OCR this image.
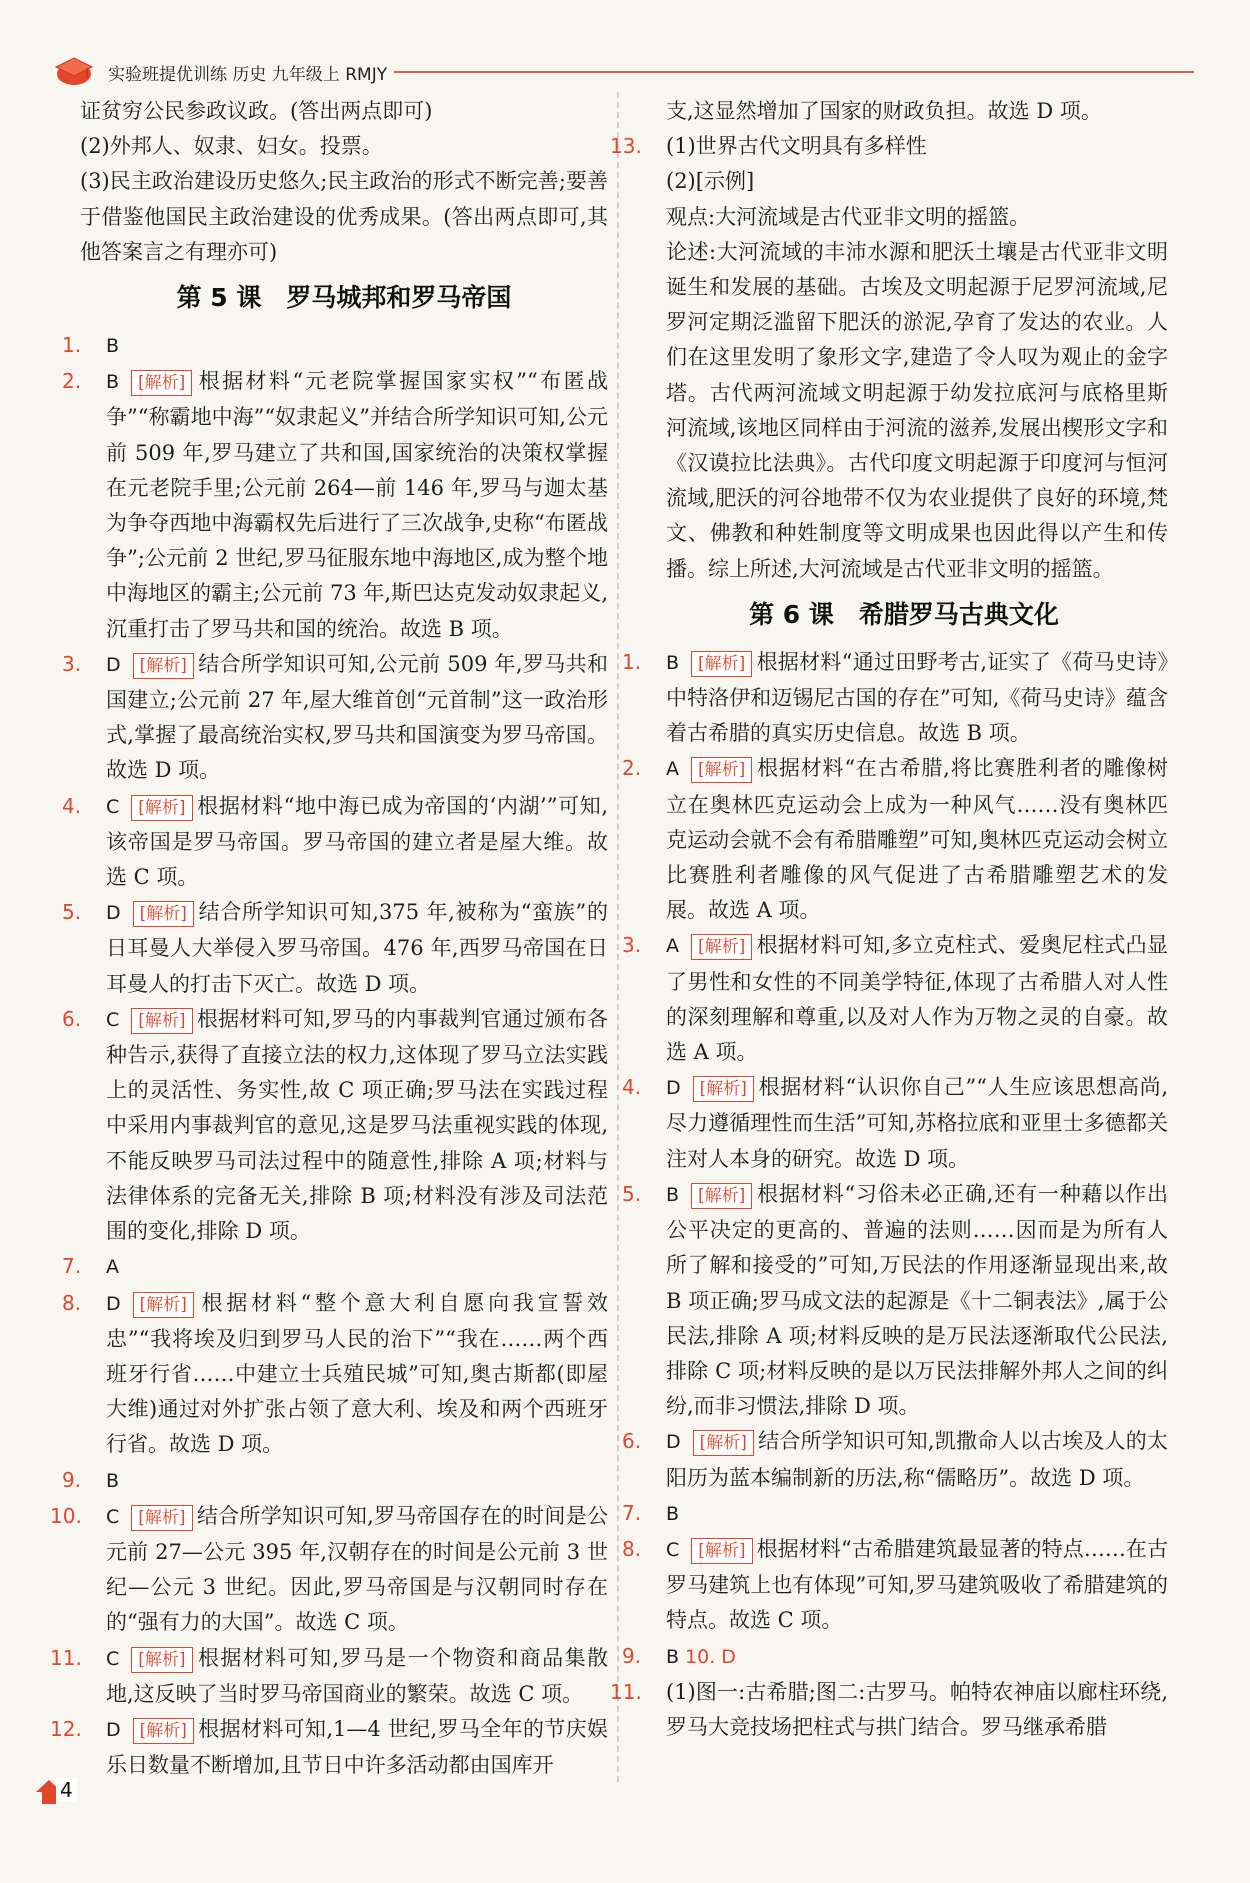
实验班提优训练 历史 九年级上 RMJY

证贫穷公民参政议政。(答出两点即可)

(2)外邦人、奴隶、妇女。投票。

(3)民主政治建设历史悠久;民主政治的形式不断完善;要善于借鉴他国民主政治建设的优秀成果。(答出两点即可,其他答案言之有理亦可)

第 5 课　罗马城邦和罗马帝国
1. B
2. B [解析] 根据材料“元老院掌握国家实权”“布匿战争”“称霸地中海”“奴隶起义”并结合所学知识可知,公元前 509 年,罗马建立了共和国,国家统治的决策权掌握在元老院手里;公元前 264—前 146 年,罗马与迦太基为争夺西地中海霸权先后进行了三次战争,史称“布匿战争”;公元前 2 世纪,罗马征服东地中海地区,成为整个地中海地区的霸主;公元前 73 年,斯巴达克发动奴隶起义,沉重打击了罗马共和国的统治。故选 B 项。
3. D [解析] 结合所学知识可知,公元前 509 年,罗马共和国建立;公元前 27 年,屋大维首创“元首制”这一政治形式,掌握了最高统治实权,罗马共和国演变为罗马帝国。故选 D 项。
4. C [解析] 根据材料“地中海已成为帝国的‘内湖’”可知,该帝国是罗马帝国。罗马帝国的建立者是屋大维。故选 C 项。
5. D [解析] 结合所学知识可知,375 年,被称为“蛮族”的日耳曼人大举侵入罗马帝国。476 年,西罗马帝国在日耳曼人的打击下灭亡。故选 D 项。
6. C [解析] 根据材料可知,罗马的内事裁判官通过颁布各种告示,获得了直接立法的权力,这体现了罗马立法实践上的灵活性、务实性,故 C 项正确;罗马法在实践过程中采用内事裁判官的意见,这是罗马法重视实践的体现,不能反映罗马司法过程中的随意性,排除 A 项;材料与法律体系的完备无关,排除 B 项;材料没有涉及司法范围的变化,排除 D 项。
7. A
8. D [解析] 根据材料“整个意大利自愿向我宣誓效忠”“我将埃及归到罗马人民的治下”“我在……两个西班牙行省……中建立士兵殖民城”可知,奥古斯都(即屋大维)通过对外扩张占领了意大利、埃及和两个西班牙行省。故选 D 项。
9. B
10. C [解析] 结合所学知识可知,罗马帝国存在的时间是公元前 27—公元 395 年,汉朝存在的时间是公元前 3 世纪—公元 3 世纪。因此,罗马帝国是与汉朝同时存在的“强有力的大国”。故选 C 项。
11. C [解析] 根据材料可知,罗马是一个物资和商品集散地,这反映了当时罗马帝国商业的繁荣。故选 C 项。
12. D [解析] 根据材料可知,1—4 世纪,罗马全年的节庆娱乐日数量不断增加,且节日中许多活动都由国库开

支,这显然增加了国家的财政负担。故选 D 项。

13. (1)世界古代文明具有多样性

(2)[示例]

观点:大河流域是古代亚非文明的摇篮。

论述:大河流域的丰沛水源和肥沃土壤是古代亚非文明诞生和发展的基础。古埃及文明起源于尼罗河流域,尼罗河定期泛滥留下肥沃的淤泥,孕育了发达的农业。人们在这里发明了象形文字,建造了令人叹为观止的金字塔。古代两河流域文明起源于幼发拉底河与底格里斯河流域,该地区同样由于河流的滋养,发展出楔形文字和《汉谟拉比法典》。古代印度文明起源于印度河与恒河流域,肥沃的河谷地带不仅为农业提供了良好的环境,梵文、佛教和种姓制度等文明成果也因此得以产生和传播。综上所述,大河流域是古代亚非文明的摇篮。

第 6 课　希腊罗马古典文化
1. B [解析] 根据材料“通过田野考古,证实了《荷马史诗》中特洛伊和迈锡尼古国的存在”可知,《荷马史诗》蕴含着古希腊的真实历史信息。故选 B 项。
2. A [解析] 根据材料“在古希腊,将比赛胜利者的雕像树立在奥林匹克运动会上成为一种风气……没有奥林匹克运动会就不会有希腊雕塑”可知,奥林匹克运动会树立比赛胜利者雕像的风气促进了古希腊雕塑艺术的发展。故选 A 项。
3. A [解析] 根据材料可知,多立克柱式、爱奥尼柱式凸显了男性和女性的不同美学特征,体现了古希腊人对人性的深刻理解和尊重,以及对人作为万物之灵的自豪。故选 A 项。
4. D [解析] 根据材料“认识你自己”“人生应该思想高尚,尽力遵循理性而生活”可知,苏格拉底和亚里士多德都关注对人本身的研究。故选 D 项。
5. B [解析] 根据材料“习俗未必正确,还有一种藉以作出公平决定的更高的、普遍的法则……因而是为所有人所了解和接受的”可知,万民法的作用逐渐显现出来,故 B 项正确;罗马成文法的起源是《十二铜表法》,属于公民法,排除 A 项;材料反映的是万民法逐渐取代公民法,排除 C 项;材料反映的是以万民法排解外邦人之间的纠纷,而非习惯法,排除 D 项。
6. D [解析] 结合所学知识可知,凯撒命人以古埃及人的太阳历为蓝本编制新的历法,称“儒略历”。故选 D 项。
7. B
8. C [解析] 根据材料“古希腊建筑最显著的特点……在古罗马建筑上也有体现”可知,罗马建筑吸收了希腊建筑的特点。故选 C 项。
9. B 10. D
11. (1)图一:古希腊;图二:古罗马。帕特农神庙以廊柱环绕,罗马大竞技场把柱式与拱门结合。罗马继承希腊
4
